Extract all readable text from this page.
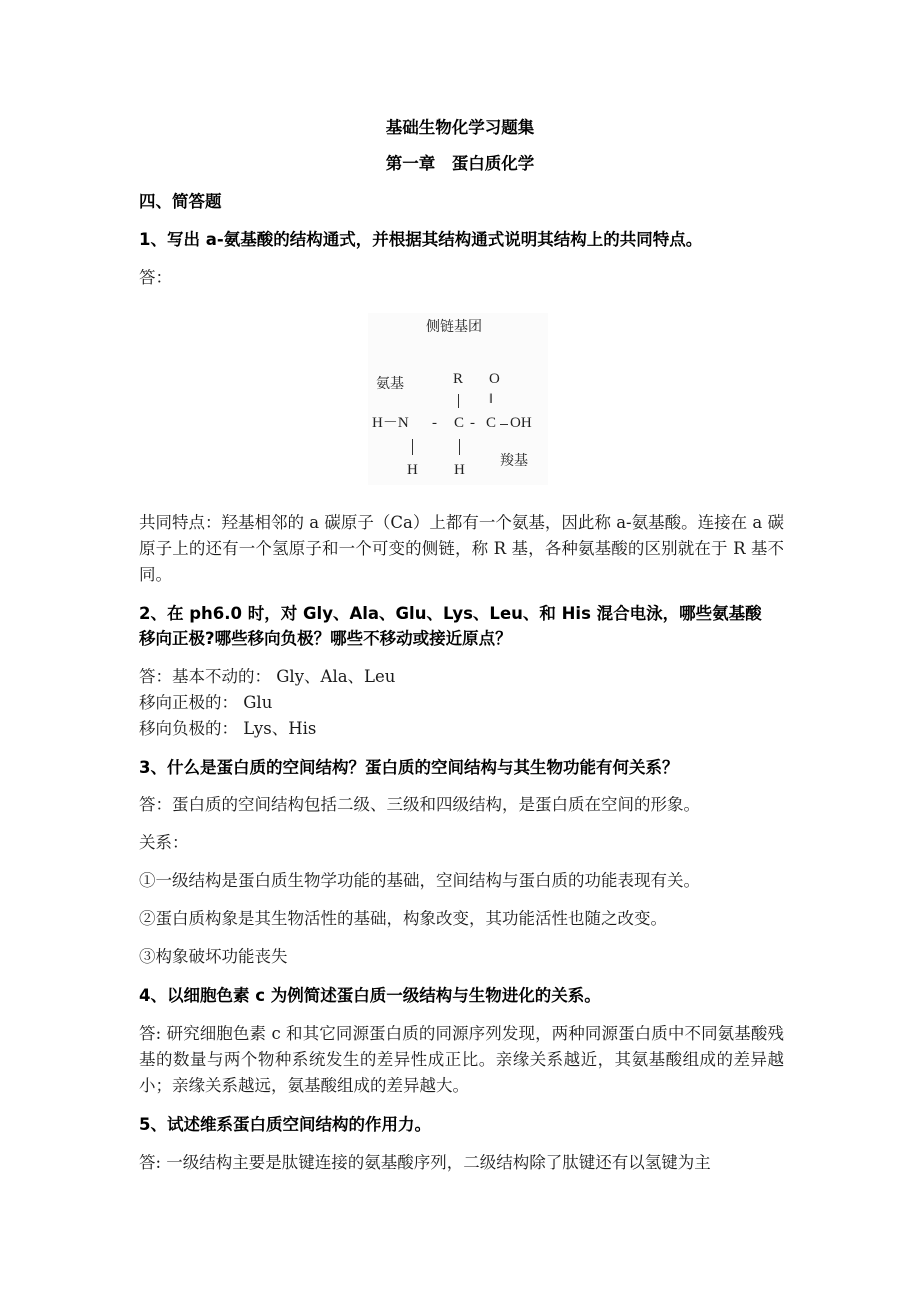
基础生物化学习题集
第一章　蛋白质化学
四、简答题
1、写出 a-氨基酸的结构通式，并根据其结构通式说明其结构上的共同特点。
答：
侧链基团
氨基	R O
‖
H－N - C - C OH
H H
羧基
共同特点：羟基相邻的 a 碳原子（Ca）上都有一个氨基，因此称 a-氨基酸。连接在 a 碳原子上的还有一个氢原子和一个可变的侧链，称 R 基，各种氨基酸的区别就在于 R 基不同。
2、在 ph6.0 时，对 Gly、Ala、Glu、Lys、Leu、和 His 混合电泳，哪些氨基酸
移向正极?哪些移向负极？哪些不移动或接近原点？
答：基本不动的： Gly、Ala、Leu
移向正极的： Glu
移向负极的： Lys、His
3、什么是蛋白质的空间结构？蛋白质的空间结构与其生物功能有何关系？
答：蛋白质的空间结构包括二级、三级和四级结构，是蛋白质在空间的形象。
关系：
①一级结构是蛋白质生物学功能的基础，空间结构与蛋白质的功能表现有关。
②蛋白质构象是其生物活性的基础，构象改变，其功能活性也随之改变。
③构象破坏功能丧失
4、以细胞色素 c 为例简述蛋白质一级结构与生物进化的关系。
答: 研究细胞色素 c 和其它同源蛋白质的同源序列发现，两种同源蛋白质中不同氨基酸残基的数量与两个物种系统发生的差异性成正比。亲缘关系越近，其氨基酸组成的差异越小；亲缘关系越远，氨基酸组成的差异越大。
5、试述维系蛋白质空间结构的作用力。
答: 一级结构主要是肽键连接的氨基酸序列，二级结构除了肽键还有以氢键为主
